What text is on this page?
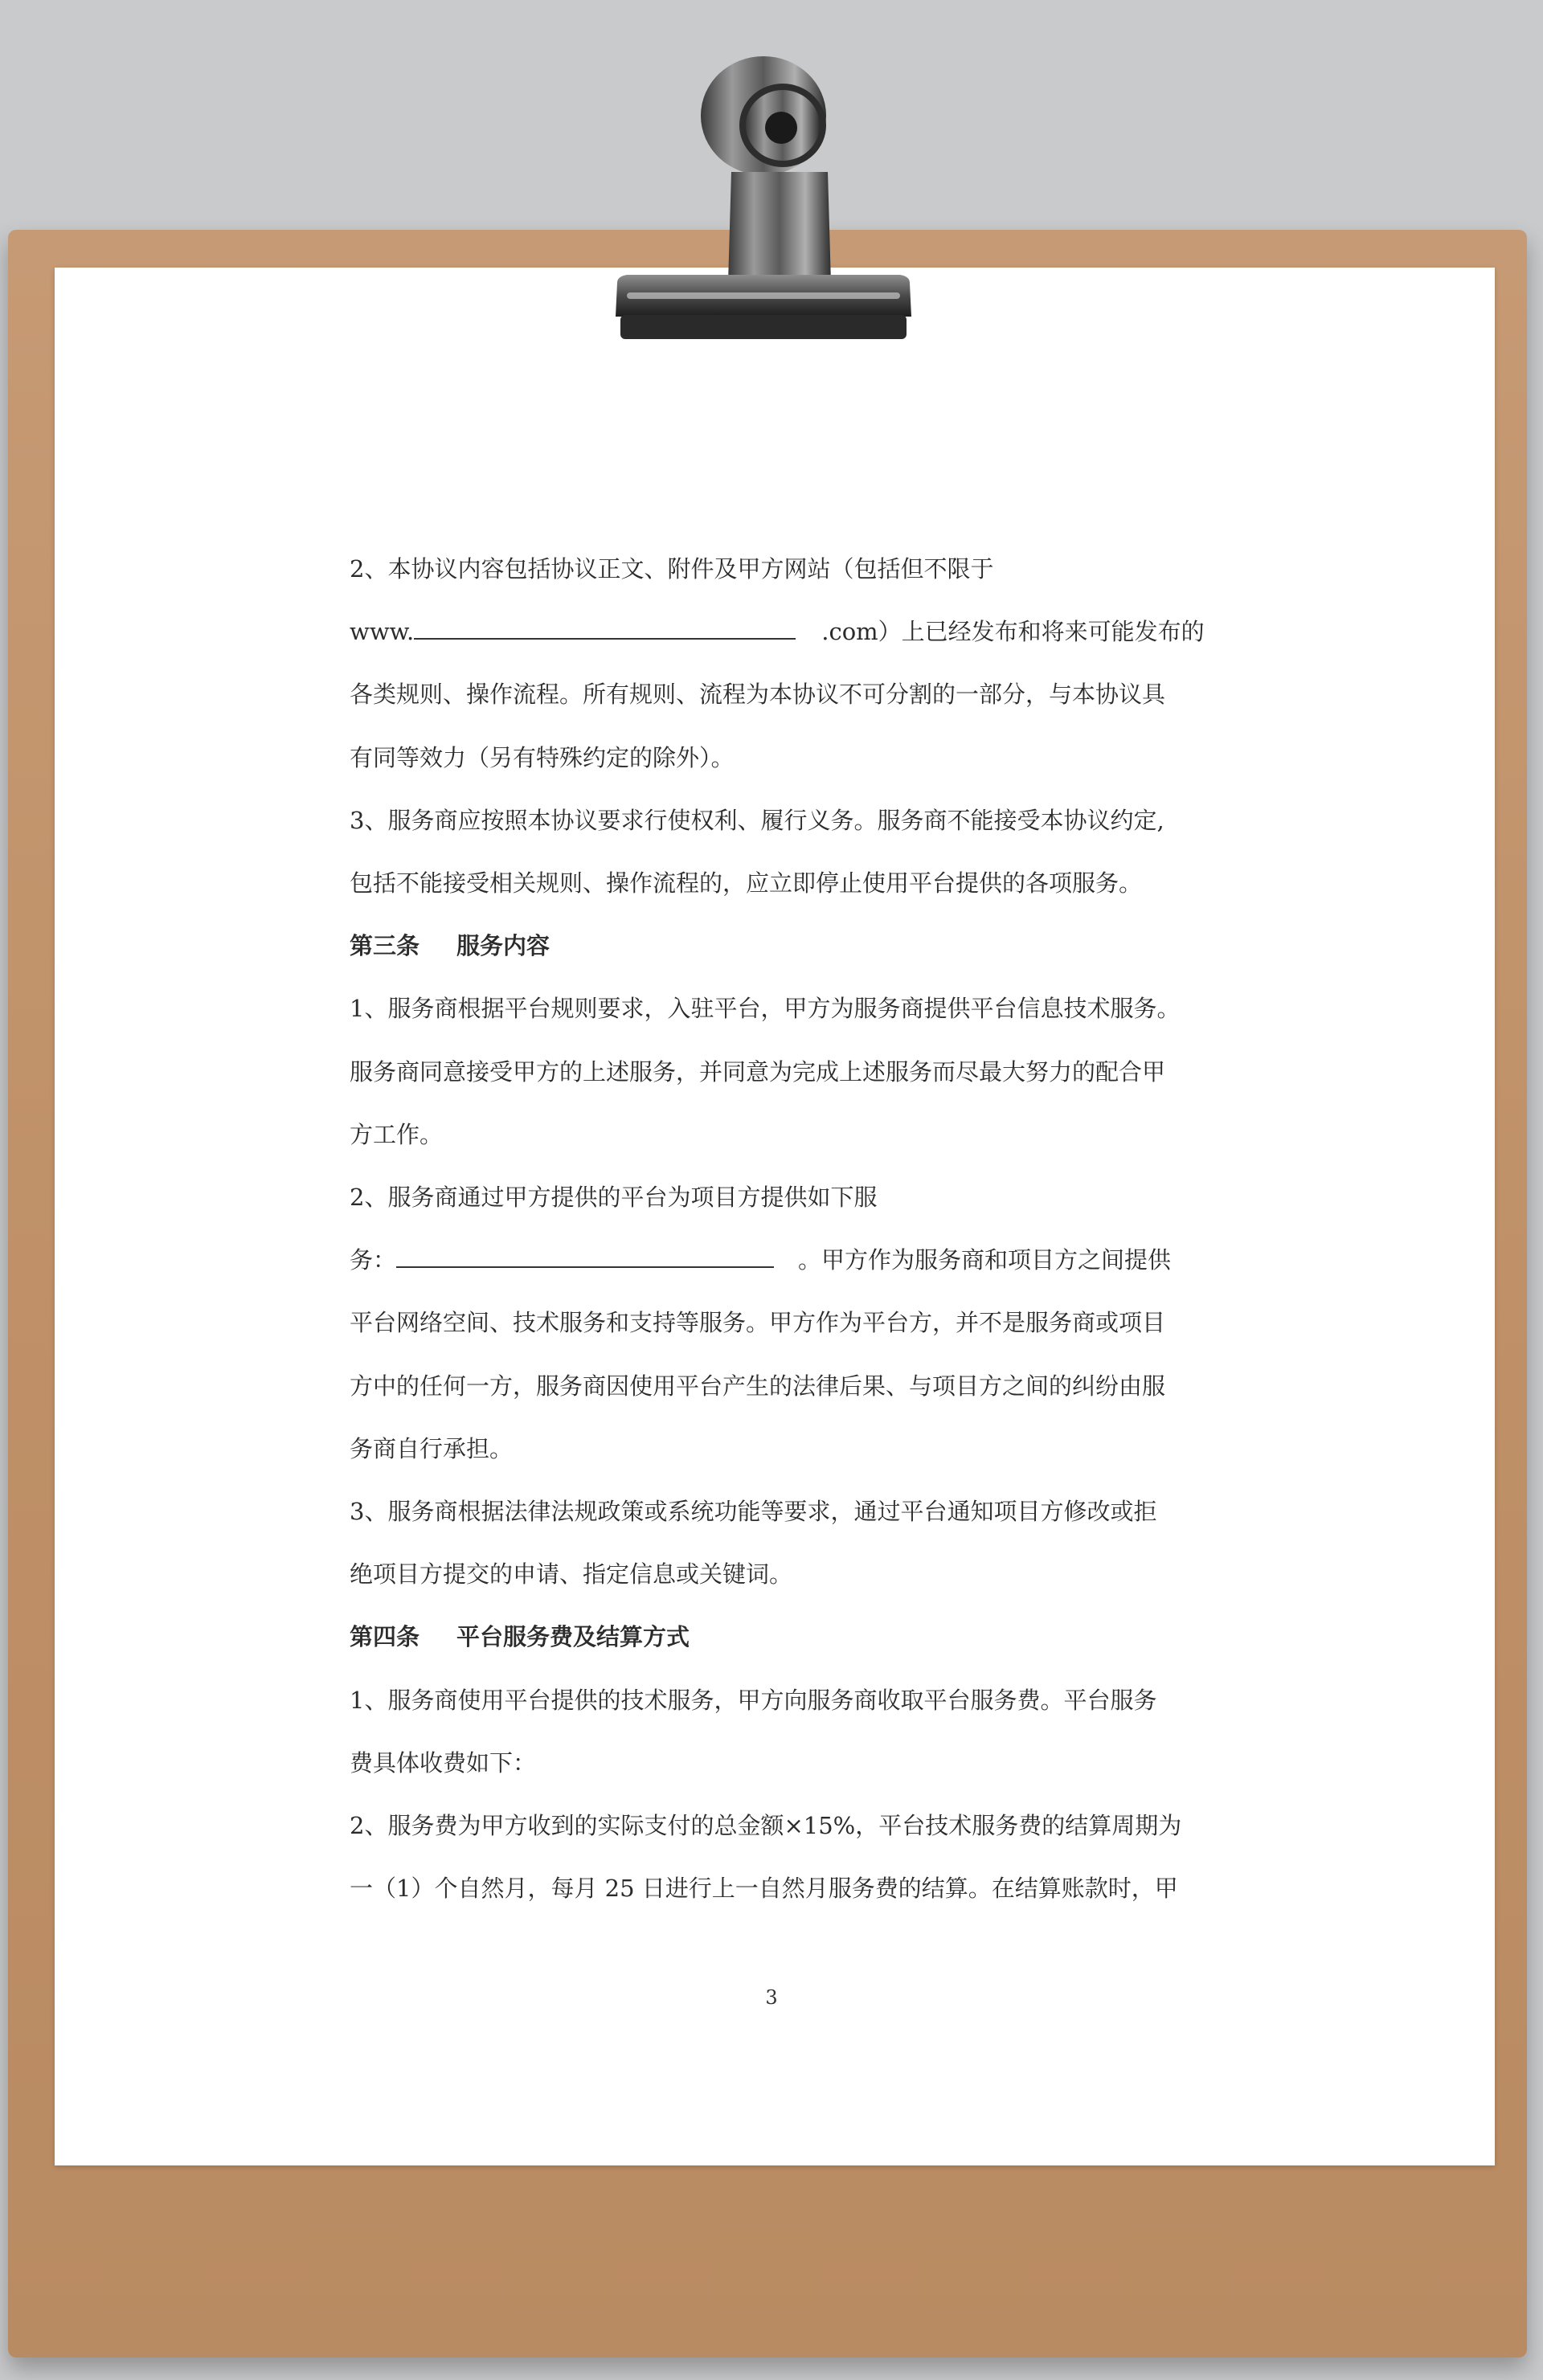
2、本协议内容包括协议正文、附件及甲方网站（包括但不限于
www.	.com）上已经发布和将来可能发布的
各类规则、操作流程。所有规则、流程为本协议不可分割的一部分，与本协议具
有同等效力（另有特殊约定的除外）。
3、服务商应按照本协议要求行使权利、履行义务。服务商不能接受本协议约定,
包括不能接受相关规则、操作流程的，应立即停止使用平台提供的各项服务。
第三条 服务内容
1、服务商根据平台规则要求，入驻平台，甲方为服务商提供平台信息技术服务。
服务商同意接受甲方的上述服务，并同意为完成上述服务而尽最大努力的配合甲
方工作。
2、服务商通过甲方提供的平台为项目方提供如下服
务：	。甲方作为服务商和项目方之间提供
平台网络空间、技术服务和支持等服务。甲方作为平台方，并不是服务商或项目
方中的任何一方，服务商因使用平台产生的法律后果、与项目方之间的纠纷由服
务商自行承担。
3、服务商根据法律法规政策或系统功能等要求，通过平台通知项目方修改或拒
绝项目方提交的申请、指定信息或关键词。
第四条 平台服务费及结算方式
1、服务商使用平台提供的技术服务，甲方向服务商收取平台服务费。平台服务
费具体收费如下：
2、服务费为甲方收到的实际支付的总金额×15%，平台技术服务费的结算周期为
一（1）个自然月，每月 25 日进行上一自然月服务费的结算。在结算账款时，甲
3
